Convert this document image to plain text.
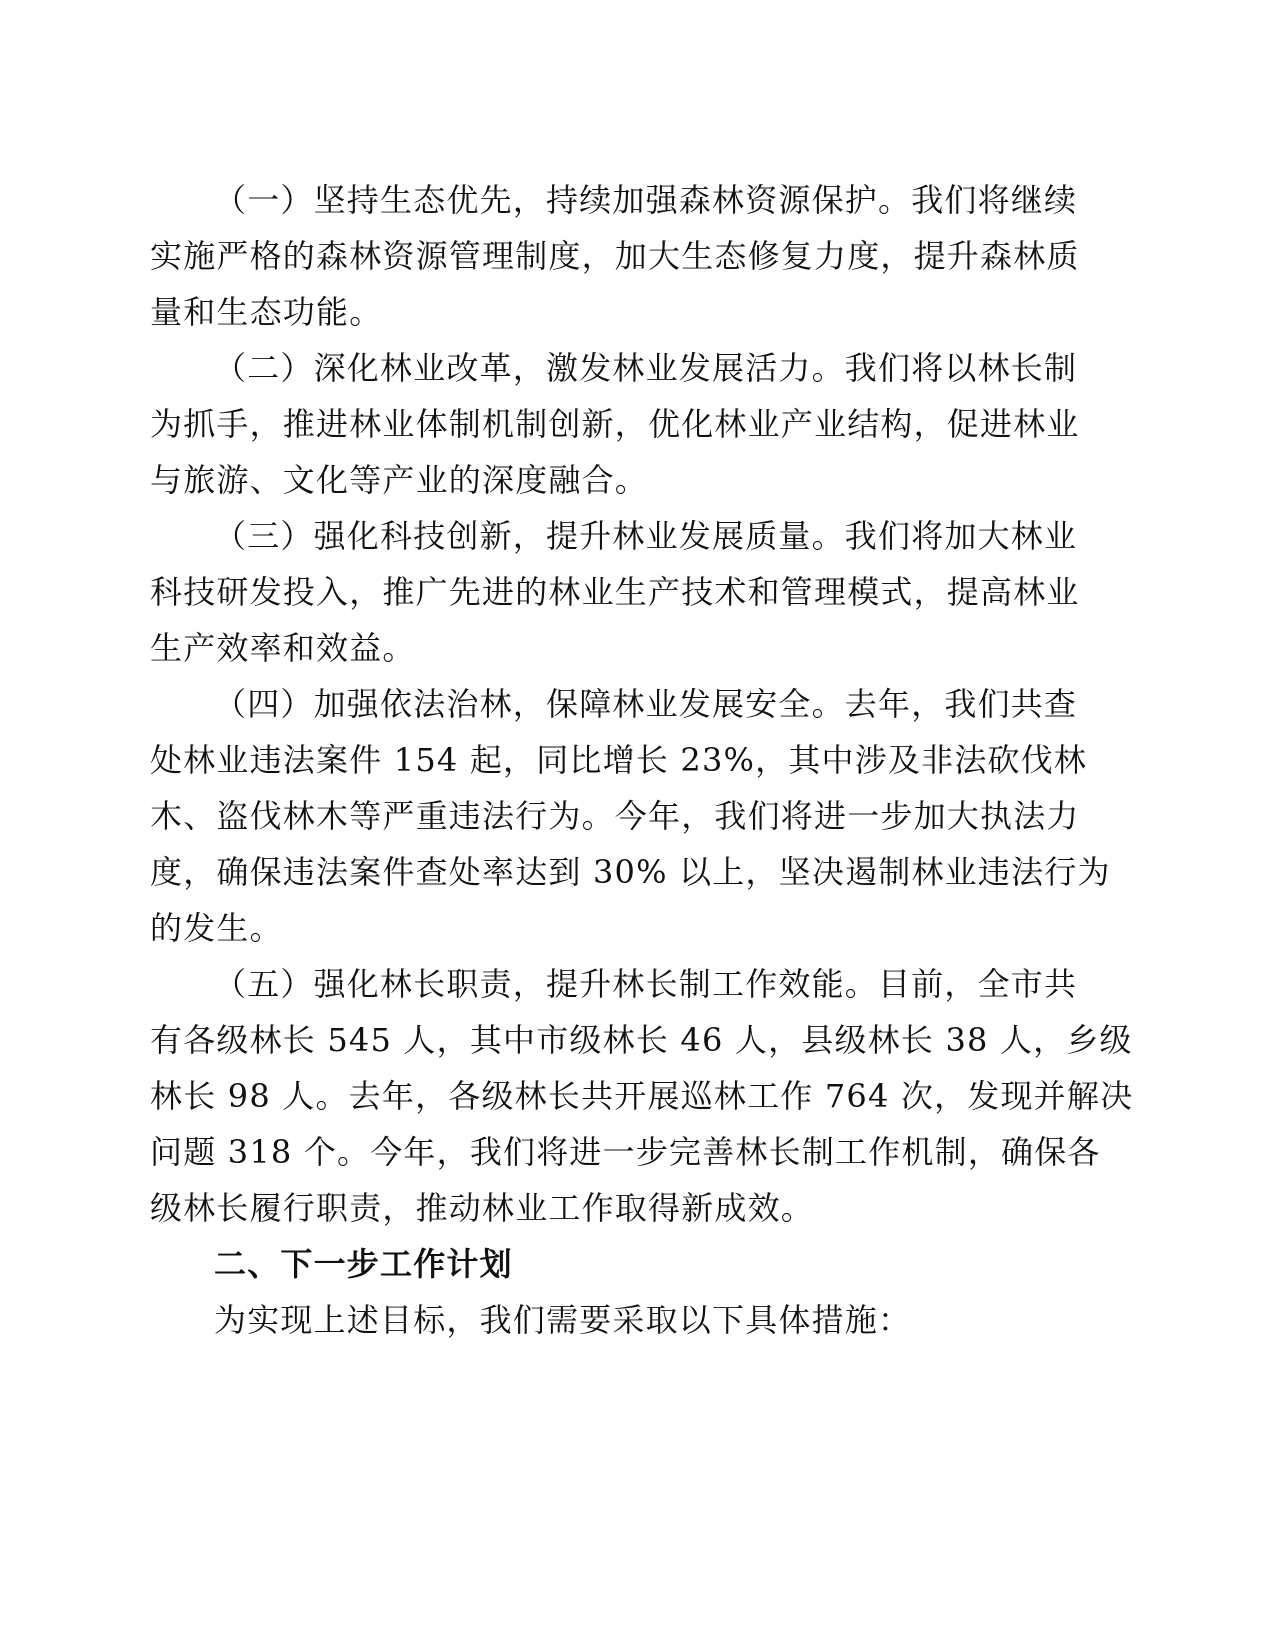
（一）坚持生态优先，持续加强森林资源保护。我们将继续
实施严格的森林资源管理制度，加大生态修复力度，提升森林质
量和生态功能。
（二）深化林业改革，激发林业发展活力。我们将以林长制
为抓手，推进林业体制机制创新，优化林业产业结构，促进林业
与旅游、文化等产业的深度融合。
（三）强化科技创新，提升林业发展质量。我们将加大林业
科技研发投入，推广先进的林业生产技术和管理模式，提高林业
生产效率和效益。
（四）加强依法治林，保障林业发展安全。去年，我们共查
处林业违法案件 154 起，同比增长 23%，其中涉及非法砍伐林
木、盗伐林木等严重违法行为。今年，我们将进一步加大执法力
度，确保违法案件查处率达到 30% 以上，坚决遏制林业违法行为
的发生。
（五）强化林长职责，提升林长制工作效能。目前，全市共
有各级林长 545 人，其中市级林长 46 人，县级林长 38 人，乡级
林长 98 人。去年，各级林长共开展巡林工作 764 次，发现并解决
问题 318 个。今年，我们将进一步完善林长制工作机制，确保各
级林长履行职责，推动林业工作取得新成效。
二、下一步工作计划
为实现上述目标，我们需要采取以下具体措施：
